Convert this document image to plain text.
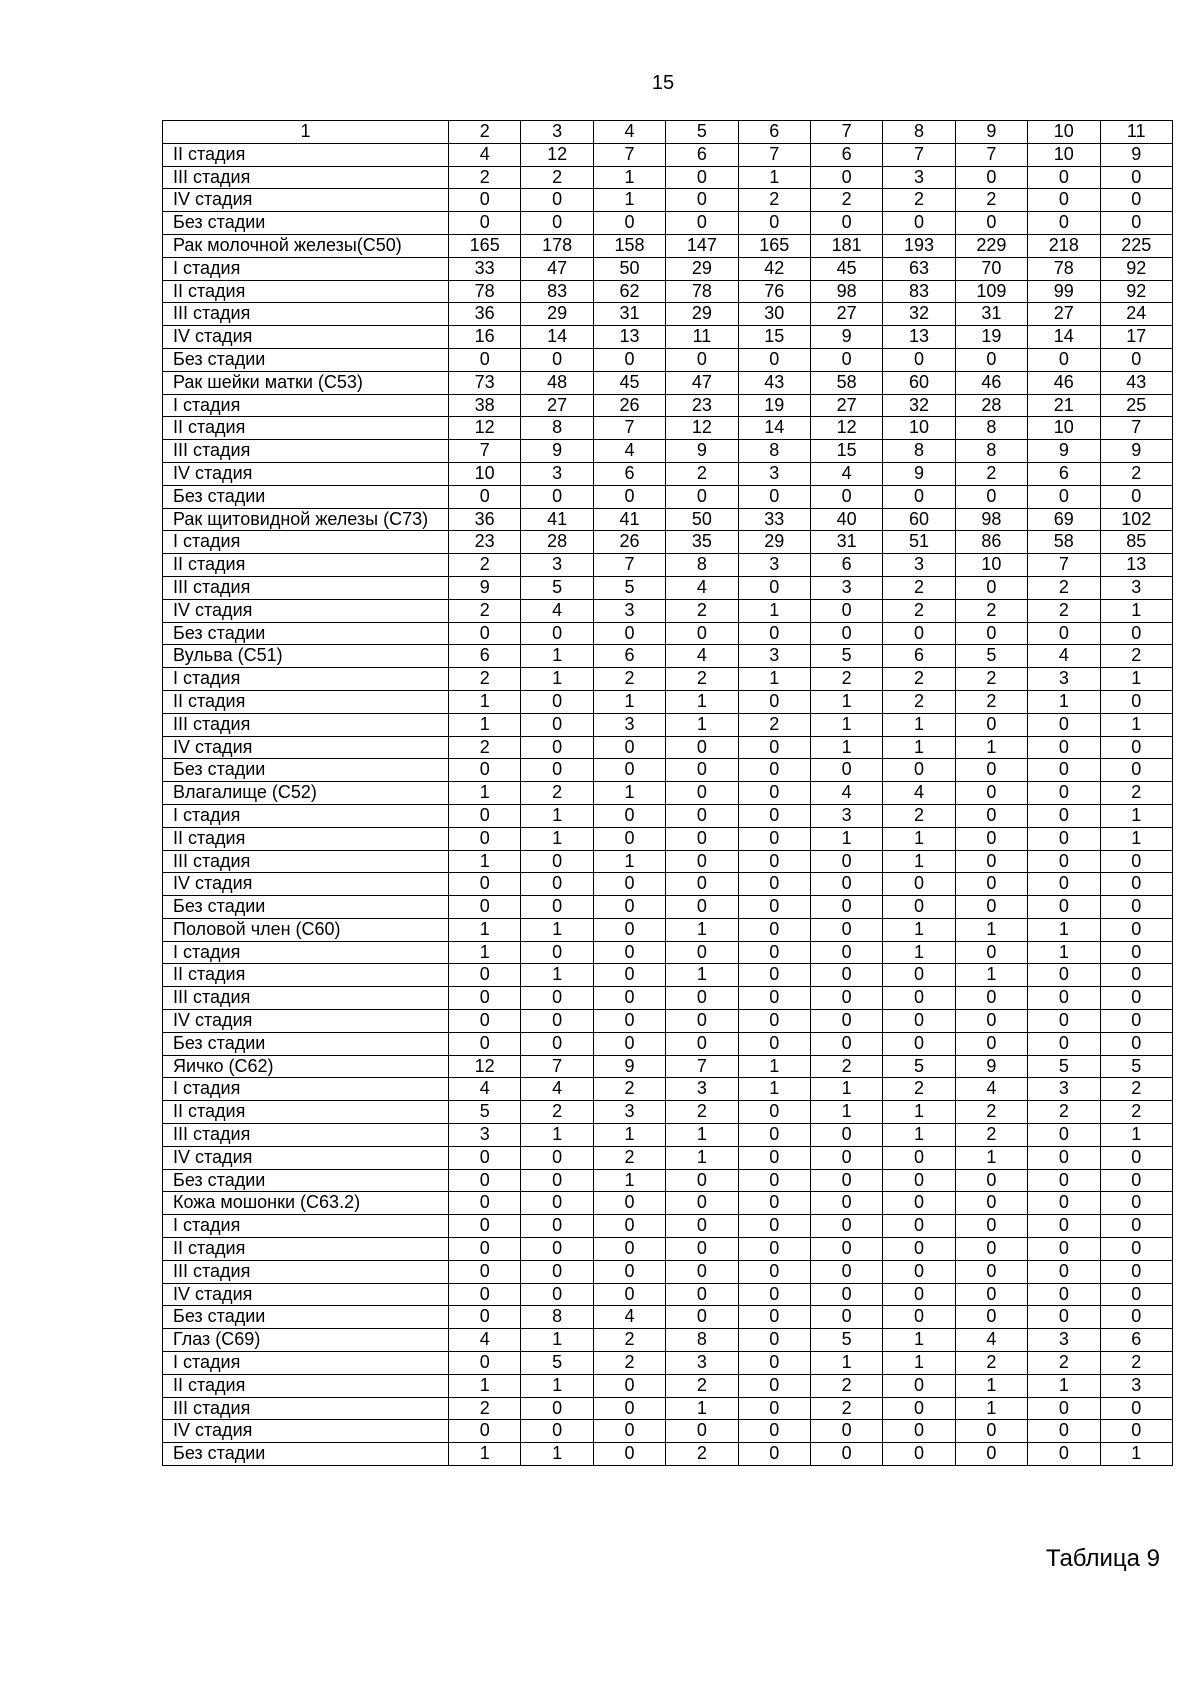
15
1	2	3	4	5	6	7	8	9	10	11
II стадия	4	12	7	6	7	6	7	7	10	9
III стадия	2	2	1	0	1	0	3	0	0	0
IV стадия	0	0	1	0	2	2	2	2	0	0
Без стадии	0	0	0	0	0	0	0	0	0	0
Рак молочной железы(С50)	165	178	158	147	165	181	193	229	218	225
I стадия	33	47	50	29	42	45	63	70	78	92
II стадия	78	83	62	78	76	98	83	109	99	92
III стадия	36	29	31	29	30	27	32	31	27	24
IV стадия	16	14	13	11	15	9	13	19	14	17
Без стадии	0	0	0	0	0	0	0	0	0	0
Рак шейки матки (С53)	73	48	45	47	43	58	60	46	46	43
I стадия	38	27	26	23	19	27	32	28	21	25
II стадия	12	8	7	12	14	12	10	8	10	7
III стадия	7	9	4	9	8	15	8	8	9	9
IV стадия	10	3	6	2	3	4	9	2	6	2
Без стадии	0	0	0	0	0	0	0	0	0	0
Рак щитовидной железы (С73)	36	41	41	50	33	40	60	98	69	102
I стадия	23	28	26	35	29	31	51	86	58	85
II стадия	2	3	7	8	3	6	3	10	7	13
III стадия	9	5	5	4	0	3	2	0	2	3
IV стадия	2	4	3	2	1	0	2	2	2	1
Без стадии	0	0	0	0	0	0	0	0	0	0
Вульва (С51)	6	1	6	4	3	5	6	5	4	2
I стадия	2	1	2	2	1	2	2	2	3	1
II стадия	1	0	1	1	0	1	2	2	1	0
III стадия	1	0	3	1	2	1	1	0	0	1
IV стадия	2	0	0	0	0	1	1	1	0	0
Без стадии	0	0	0	0	0	0	0	0	0	0
Влагалище (С52)	1	2	1	0	0	4	4	0	0	2
I стадия	0	1	0	0	0	3	2	0	0	1
II стадия	0	1	0	0	0	1	1	0	0	1
III стадия	1	0	1	0	0	0	1	0	0	0
IV стадия	0	0	0	0	0	0	0	0	0	0
Без стадии	0	0	0	0	0	0	0	0	0	0
Половой член (С60)	1	1	0	1	0	0	1	1	1	0
I стадия	1	0	0	0	0	0	1	0	1	0
II стадия	0	1	0	1	0	0	0	1	0	0
III стадия	0	0	0	0	0	0	0	0	0	0
IV стадия	0	0	0	0	0	0	0	0	0	0
Без стадии	0	0	0	0	0	0	0	0	0	0
Яичко (С62)	12	7	9	7	1	2	5	9	5	5
I стадия	4	4	2	3	1	1	2	4	3	2
II стадия	5	2	3	2	0	1	1	2	2	2
III стадия	3	1	1	1	0	0	1	2	0	1
IV стадия	0	0	2	1	0	0	0	1	0	0
Без стадии	0	0	1	0	0	0	0	0	0	0
Кожа мошонки (С63.2)	0	0	0	0	0	0	0	0	0	0
I стадия	0	0	0	0	0	0	0	0	0	0
II стадия	0	0	0	0	0	0	0	0	0	0
III стадия	0	0	0	0	0	0	0	0	0	0
IV стадия	0	0	0	0	0	0	0	0	0	0
Без стадии	0	8	4	0	0	0	0	0	0	0
Глаз (С69)	4	1	2	8	0	5	1	4	3	6
I стадия	0	5	2	3	0	1	1	2	2	2
II стадия	1	1	0	2	0	2	0	1	1	3
III стадия	2	0	0	1	0	2	0	1	0	0
IV стадия	0	0	0	0	0	0	0	0	0	0
Без стадии	1	1	0	2	0	0	0	0	0	1
Таблица 9
